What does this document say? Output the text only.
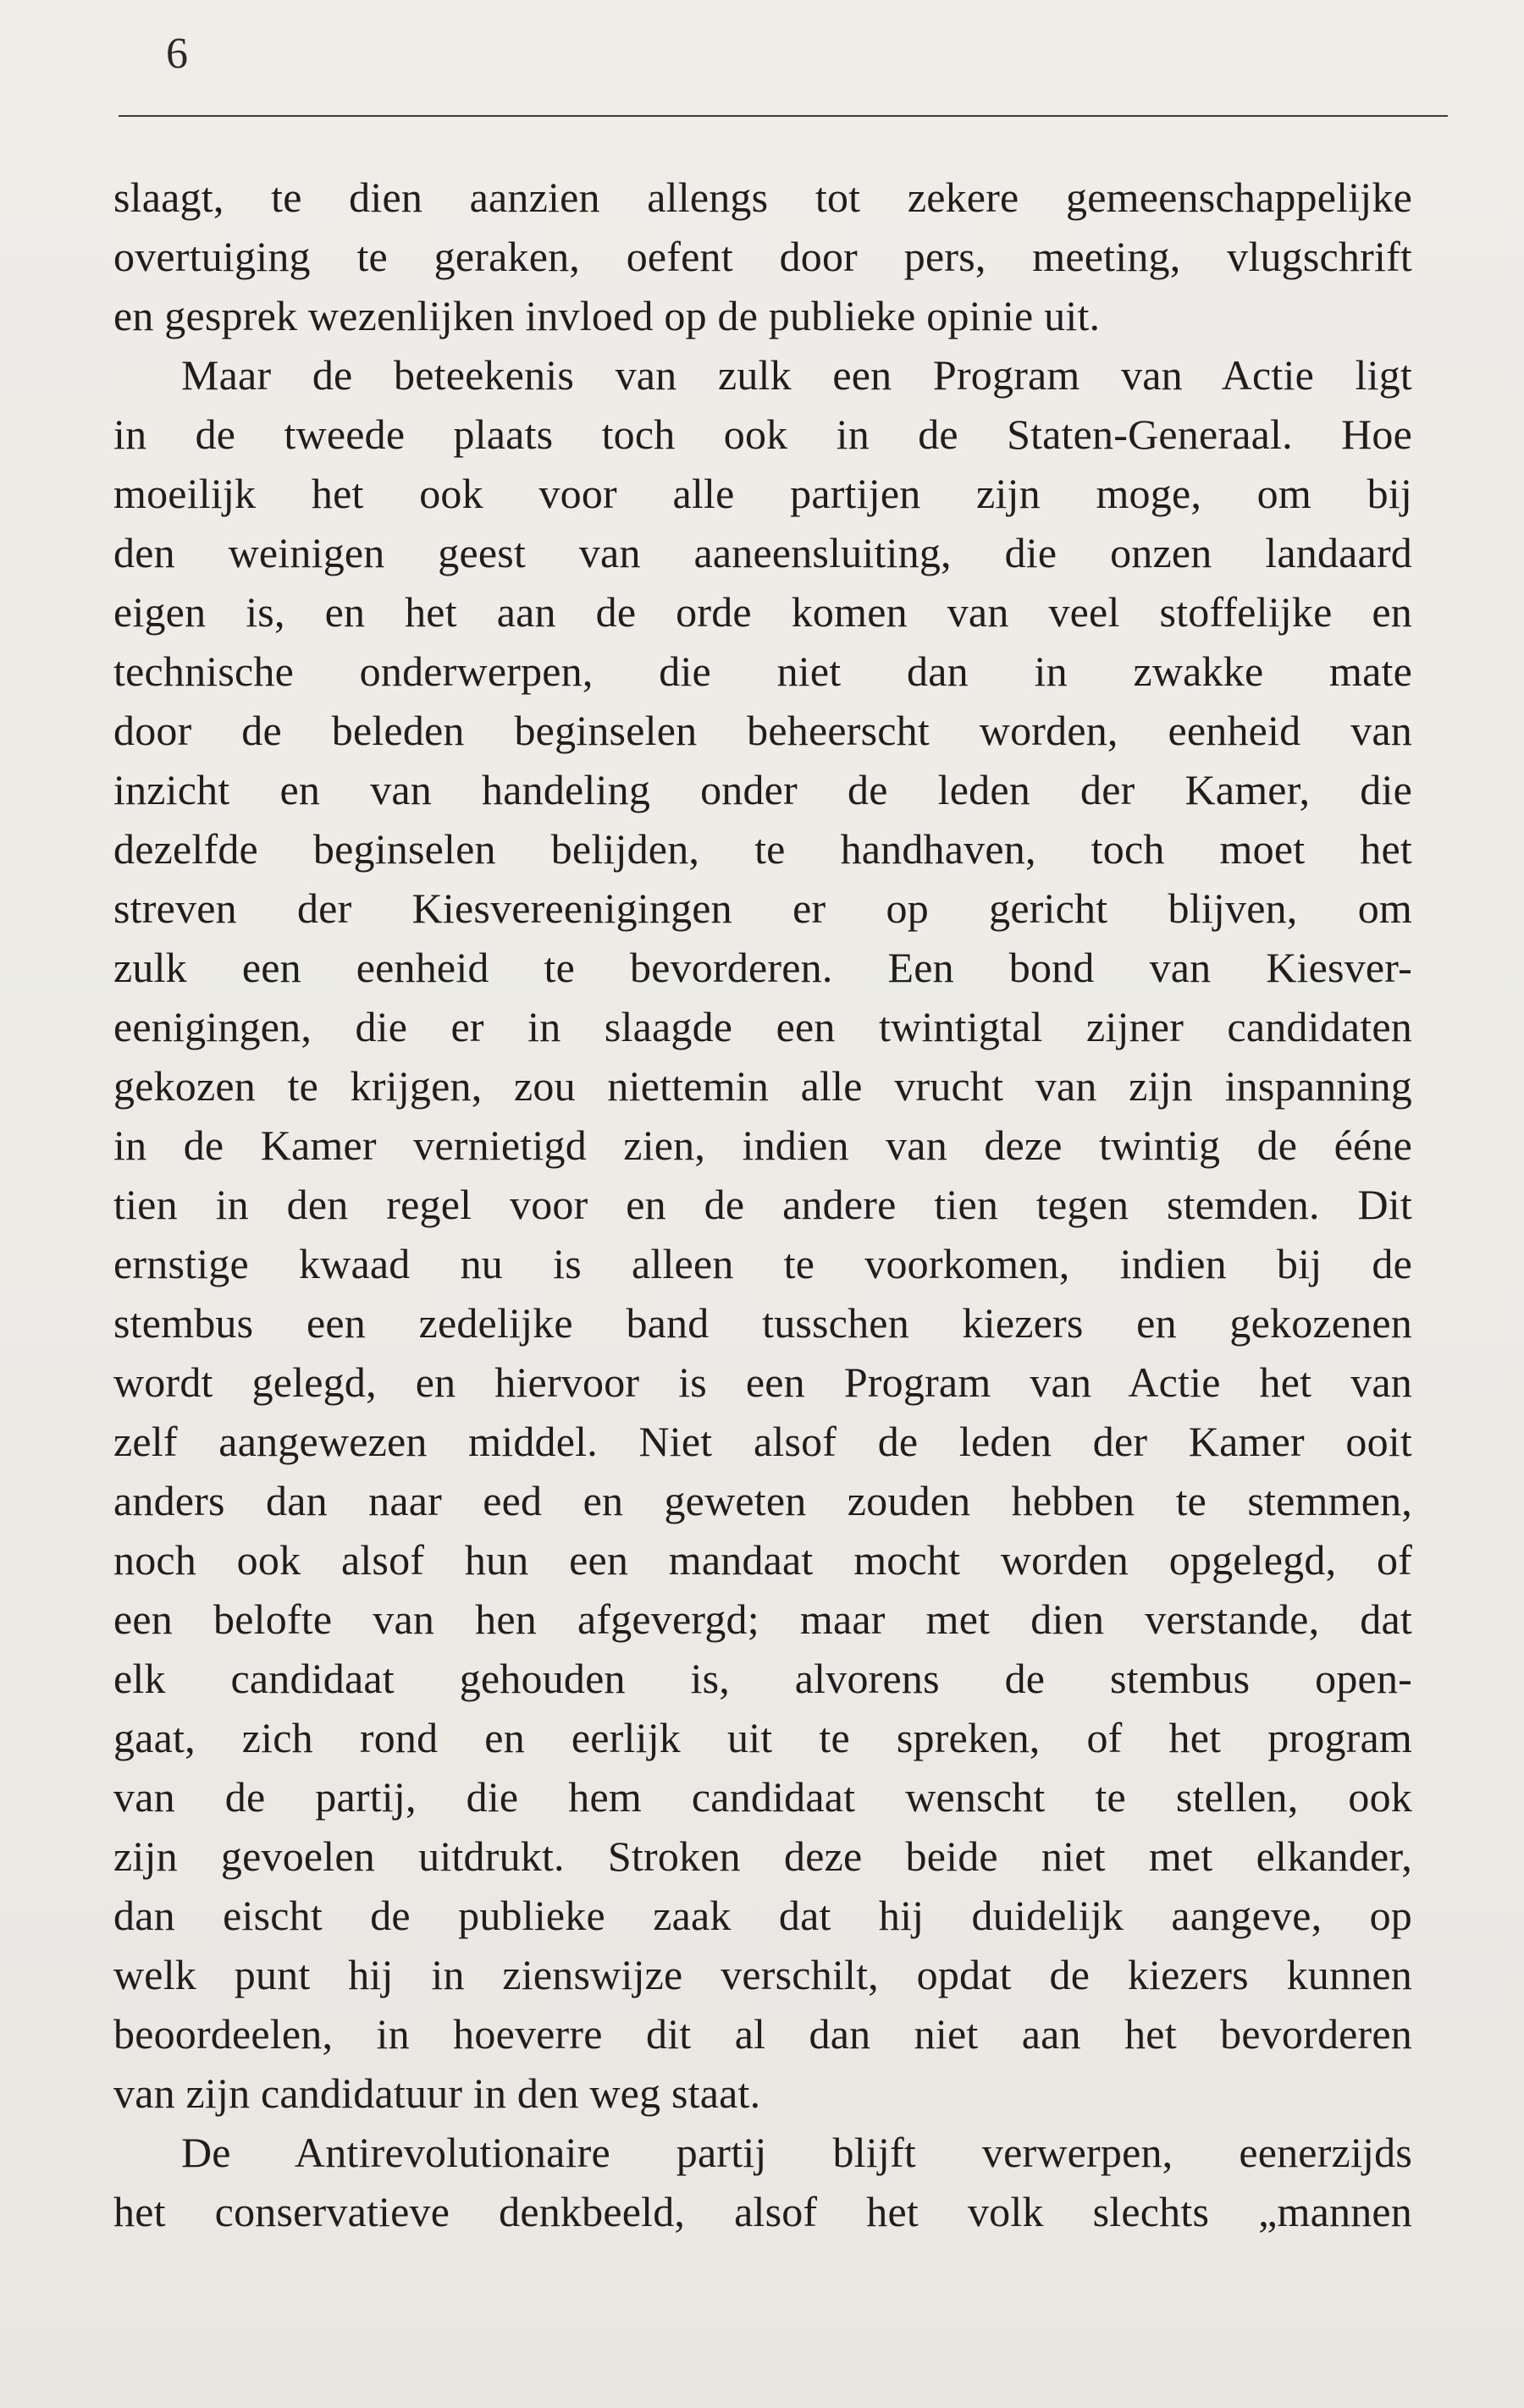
6
slaagt, te dien aanzien allengs tot zekere gemeenschappelijke
overtuiging te geraken, oefent door pers, meeting, vlugschrift
en gesprek wezenlijken invloed op de publieke opinie uit.
Maar de beteekenis van zulk een Program van Actie ligt
in de tweede plaats toch ook in de Staten-Generaal. Hoe
moeilijk het ook voor alle partijen zijn moge, om bij
den weinigen geest van aaneensluiting, die onzen landaard
eigen is, en het aan de orde komen van veel stoffelijke en
technische onderwerpen, die niet dan in zwakke mate
door de beleden beginselen beheerscht worden, eenheid van
inzicht en van handeling onder de leden der Kamer, die
dezelfde beginselen belijden, te handhaven, toch moet het
streven der Kiesvereenigingen er op gericht blijven, om
zulk een eenheid te bevorderen. Een bond van Kiesver-
eenigingen, die er in slaagde een twintigtal zijner candidaten
gekozen te krijgen, zou niettemin alle vrucht van zijn inspanning
in de Kamer vernietigd zien, indien van deze twintig de ééne
tien in den regel voor en de andere tien tegen stemden. Dit
ernstige kwaad nu is alleen te voorkomen, indien bij de
stembus een zedelijke band tusschen kiezers en gekozenen
wordt gelegd, en hiervoor is een Program van Actie het van
zelf aangewezen middel. Niet alsof de leden der Kamer ooit
anders dan naar eed en geweten zouden hebben te stemmen,
noch ook alsof hun een mandaat mocht worden opgelegd, of
een belofte van hen afgevergd; maar met dien verstande, dat
elk candidaat gehouden is, alvorens de stembus open-
gaat, zich rond en eerlijk uit te spreken, of het program
van de partij, die hem candidaat wenscht te stellen, ook
zijn gevoelen uitdrukt. Stroken deze beide niet met elkander,
dan eischt de publieke zaak dat hij duidelijk aangeve, op
welk punt hij in zienswijze verschilt, opdat de kiezers kunnen
beoordeelen, in hoeverre dit al dan niet aan het bevorderen
van zijn candidatuur in den weg staat.
De Antirevolutionaire partij blijft verwerpen, eenerzijds
het conservatieve denkbeeld, alsof het volk slechts „mannen
